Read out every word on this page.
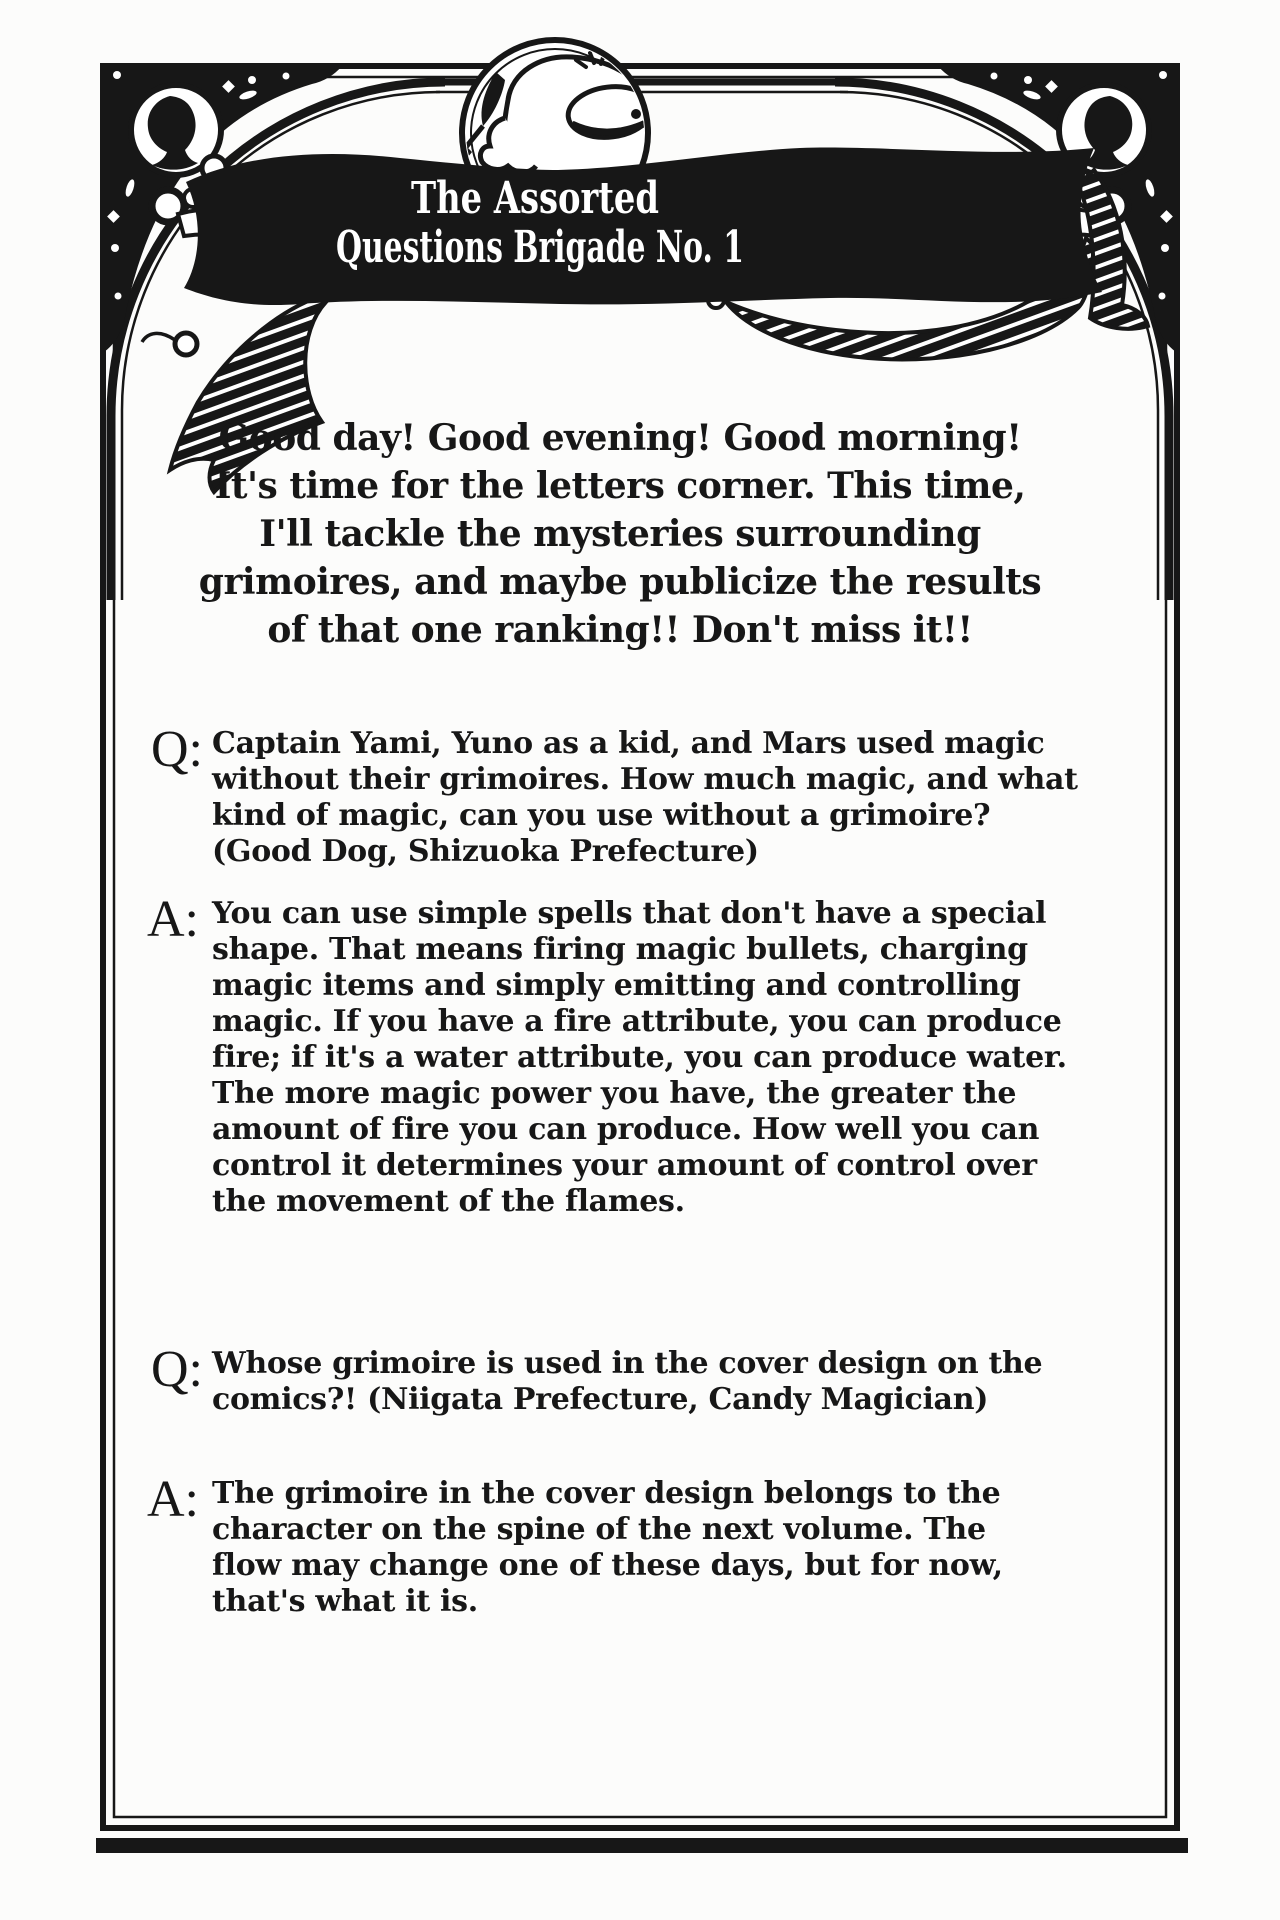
The Assorted
Questions Brigade No. 1
Good day! Good evening! Good morning!
It's time for the letters corner. This time,
I'll tackle the mysteries surrounding
grimoires, and maybe publicize the results
of that one ranking!! Don't miss it!!
Q: Captain Yami, Yuno as a kid, and Mars used magic
without their grimoires. How much magic, and what
kind of magic, can you use without a grimoire?
(Good Dog, Shizuoka Prefecture)
A: You can use simple spells that don't have a special
shape. That means firing magic bullets, charging
magic items and simply emitting and controlling
magic. If you have a fire attribute, you can produce
fire; if it's a water attribute, you can produce water.
The more magic power you have, the greater the
amount of fire you can produce. How well you can
control it determines your amount of control over
the movement of the flames.
Q: Whose grimoire is used in the cover design on the
comics?! (Niigata Prefecture, Candy Magician)
A: The grimoire in the cover design belongs to the
character on the spine of the next volume. The
flow may change one of these days, but for now,
that's what it is.
